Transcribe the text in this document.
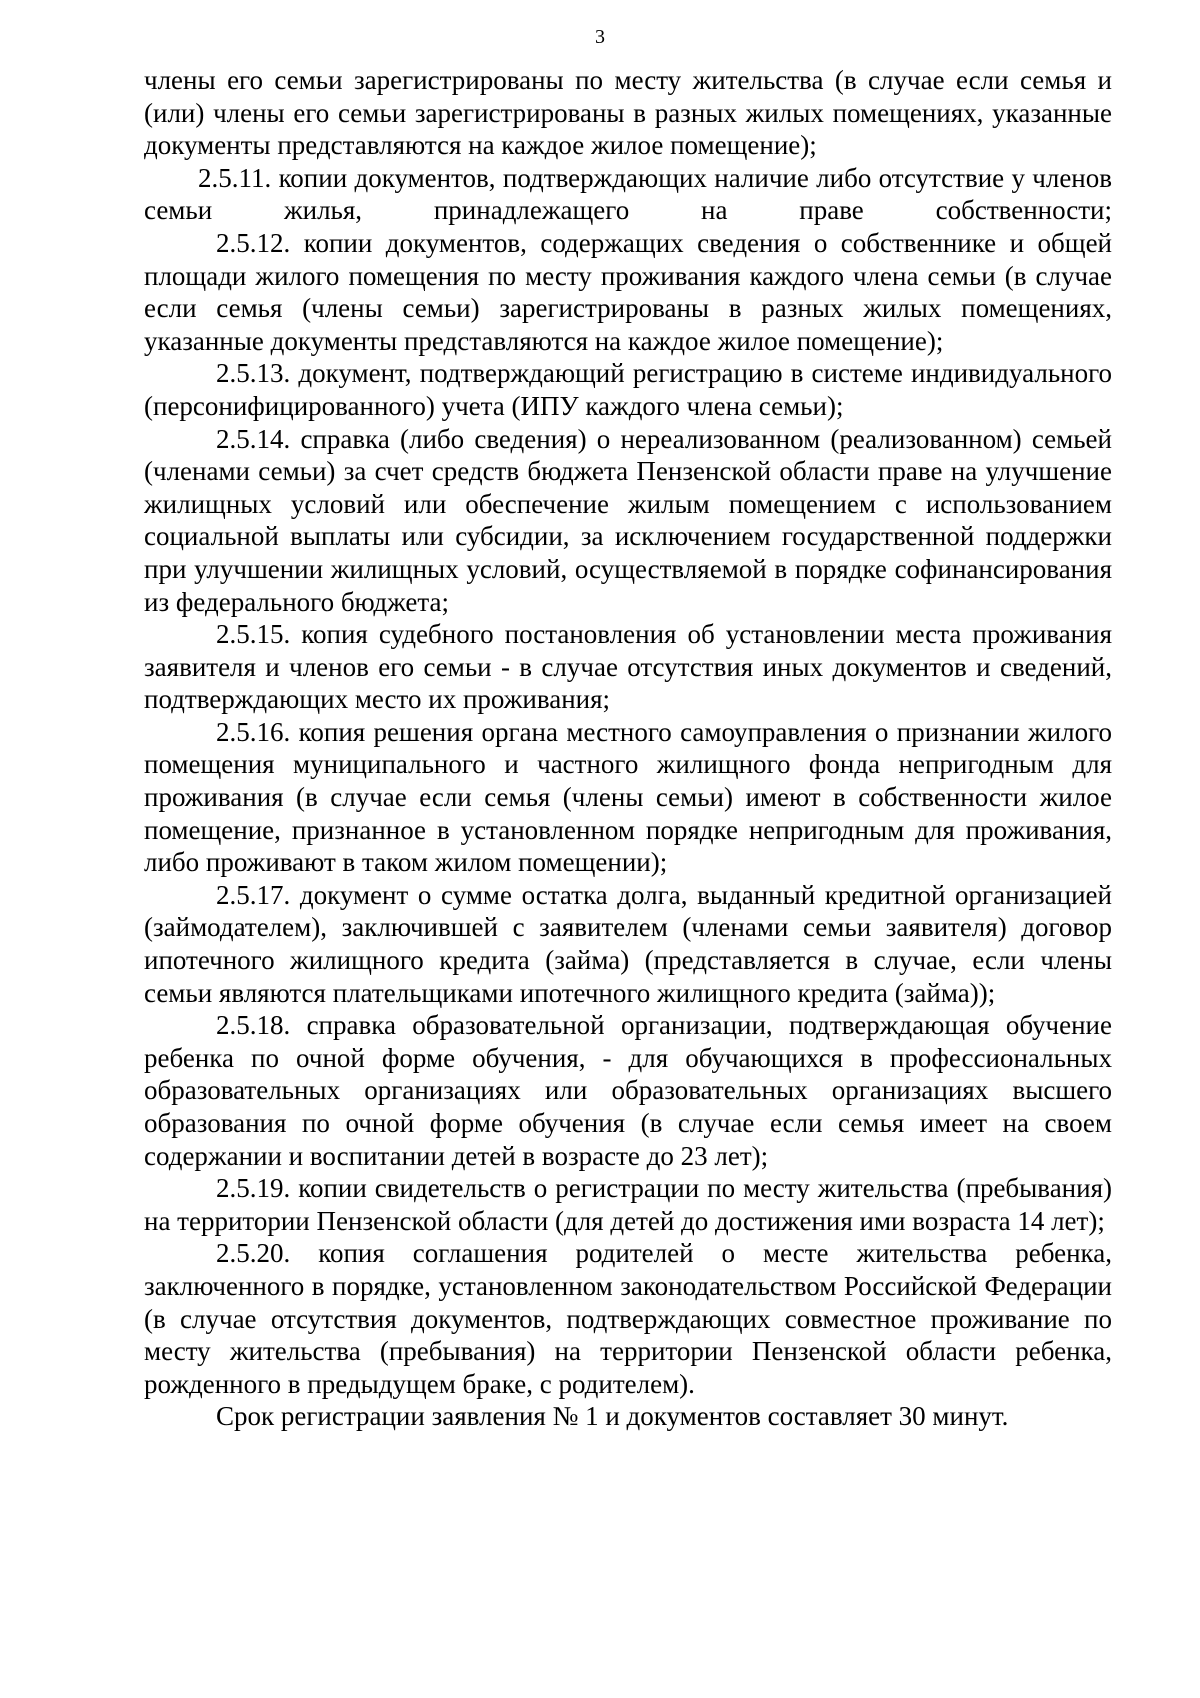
3

члены его семьи зарегистрированы по месту жительства (в случае если семья и (или) члены его семьи зарегистрированы в разных жилых помещениях, указанные документы представляются на каждое жилое помещение);

2.5.11. копии документов, подтверждающих наличие либо отсутствие у членов семьи жилья, принадлежащего на праве собственности;

2.5.12. копии документов, содержащих сведения о собственнике и общей площади жилого помещения по месту проживания каждого члена семьи (в случае если семья (члены семьи) зарегистрированы в разных жилых помещениях, указанные документы представляются на каждое жилое помещение);

2.5.13. документ, подтверждающий регистрацию в системе индивидуального (персонифицированного) учета (ИПУ каждого члена семьи);

2.5.14. справка (либо сведения) о нереализованном (реализованном) семьей (членами семьи) за счет средств бюджета Пензенской области праве на улучшение жилищных условий или обеспечение жилым помещением с использованием социальной выплаты или субсидии, за исключением государственной поддержки при улучшении жилищных условий, осуществляемой в порядке софинансирования из федерального бюджета;

2.5.15. копия судебного постановления об установлении места проживания заявителя и членов его семьи - в случае отсутствия иных документов и сведений, подтверждающих место их проживания;

2.5.16. копия решения органа местного самоуправления о признании жилого помещения муниципального и частного жилищного фонда непригодным для проживания (в случае если семья (члены семьи) имеют в собственности жилое помещение, признанное в установленном порядке непригодным для проживания, либо проживают в таком жилом помещении);

2.5.17. документ о сумме остатка долга, выданный кредитной организацией (займодателем), заключившей с заявителем (членами семьи заявителя) договор ипотечного жилищного кредита (займа) (представляется в случае, если члены семьи являются плательщиками ипотечного жилищного кредита (займа));

2.5.18. справка образовательной организации, подтверждающая обучение ребенка по очной форме обучения, - для обучающихся в профессиональных образовательных организациях или образовательных организациях высшего образования по очной форме обучения (в случае если семья имеет на своем содержании и воспитании детей в возрасте до 23 лет);

2.5.19. копии свидетельств о регистрации по месту жительства (пребывания) на территории Пензенской области (для детей до достижения ими возраста 14 лет);

2.5.20. копия соглашения родителей о месте жительства ребенка, заключенного в порядке, установленном законодательством Российской Федерации (в случае отсутствия документов, подтверждающих совместное проживание по месту жительства (пребывания) на территории Пензенской области ребенка, рожденного в предыдущем браке, с родителем).

Срок регистрации заявления № 1 и документов составляет 30 минут.
